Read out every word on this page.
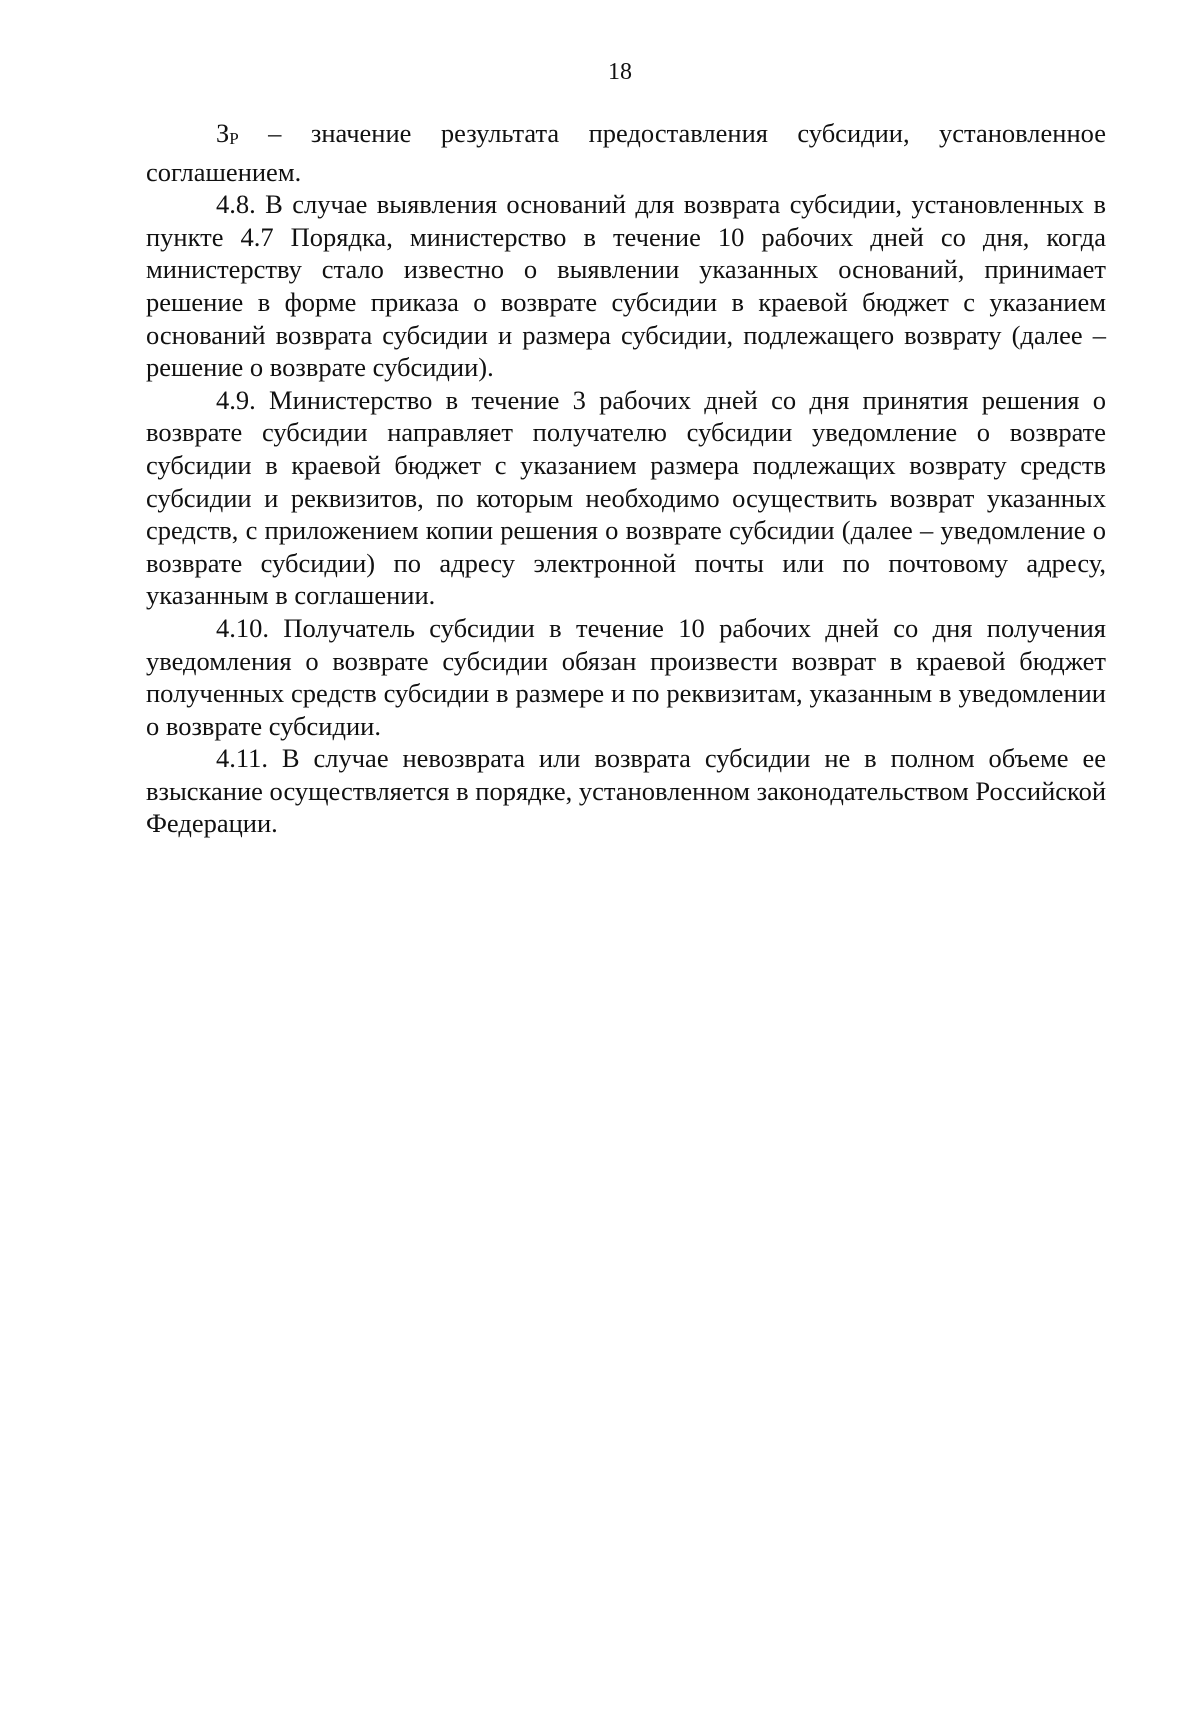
18

ЗР – значение результата предоставления субсидии, установленное соглашением.

4.8. В случае выявления оснований для возврата субсидии, установленных в пункте 4.7 Порядка, министерство в течение 10 рабочих дней со дня, когда министерству стало известно о выявлении указанных оснований, принимает решение в форме приказа о возврате субсидии в краевой бюджет с указанием оснований возврата субсидии и размера субсидии, подлежащего возврату (далее – решение о возврате субсидии).

4.9. Министерство в течение 3 рабочих дней со дня принятия решения о возврате субсидии направляет получателю субсидии уведомление о возврате субсидии в краевой бюджет с указанием размера подлежащих возврату средств субсидии и реквизитов, по которым необходимо осуществить возврат указанных средств, с приложением копии решения о возврате субсидии (далее – уведомление о возврате субсидии) по адресу электронной почты или по почтовому адресу, указанным в соглашении.

4.10. Получатель субсидии в течение 10 рабочих дней со дня получения уведомления о возврате субсидии обязан произвести возврат в краевой бюджет полученных средств субсидии в размере и по реквизитам, указанным в уведомлении о возврате субсидии.

4.11. В случае невозврата или возврата субсидии не в полном объеме ее взыскание осуществляется в порядке, установленном законодательством Российской Федерации.
